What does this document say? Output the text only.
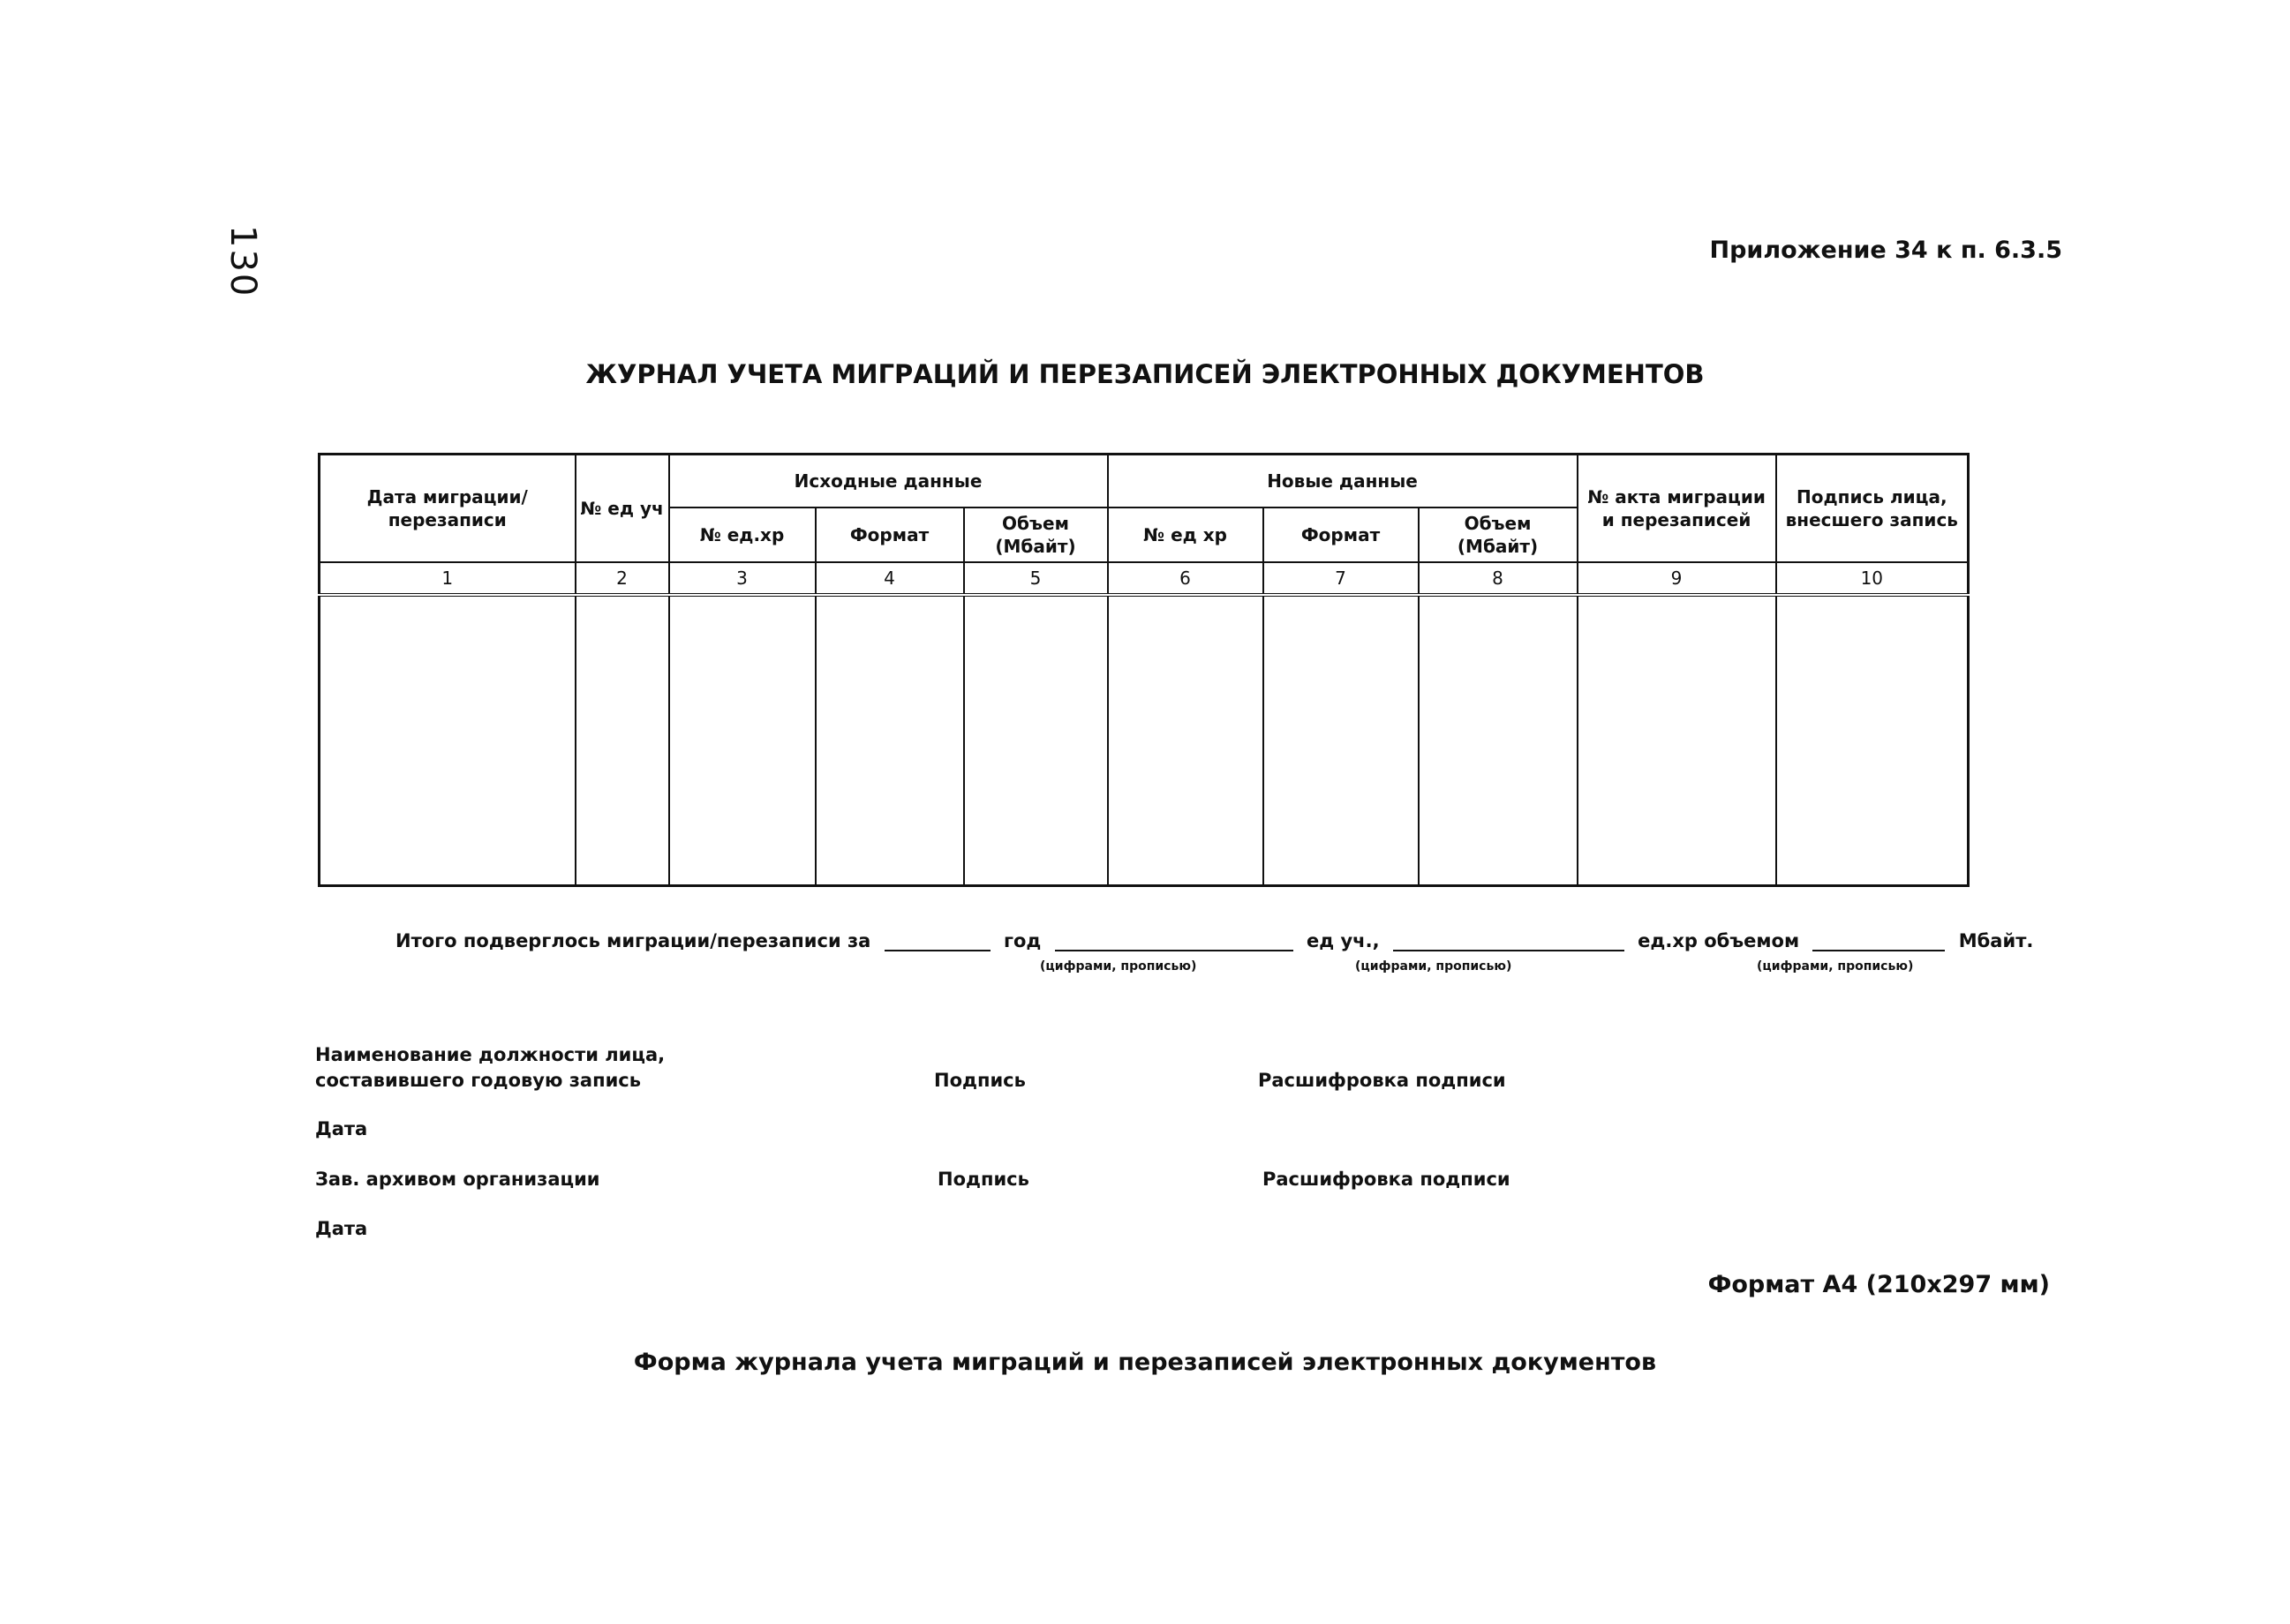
130	Приложение 34 к п. 6.3.5
ЖУРНАЛ УЧЕТА МИГРАЦИЙ И ПЕРЕЗАПИСЕЙ ЭЛЕКТРОННЫХ ДОКУМЕНТОВ
Дата миграции/перезаписи	№ ед уч	Исходные данные			Новые данные			№ акта миграции и перезаписей	Подпись лица, внесшего запись
		№ ед.хр	Формат	Объем (Мбайт)	№ ед хр	Формат	Объем (Мбайт)		
1	2	3	4	5	6	7	8	9	10

Итого подверглось миграции/перезаписи за	год	ед уч.,	ед.хр объемом	Мбайт.
(цифрами, прописью)	(цифрами, прописью)	(цифрами, прописью)
Наименование должности лица,
составившего годовую запись	Подпись	Расшифровка подписи
Дата
Зав. архивом организации	Подпись	Расшифровка подписи
Дата
Формат А4 (210х297 мм)
Форма журнала учета миграций и перезаписей электронных документов
